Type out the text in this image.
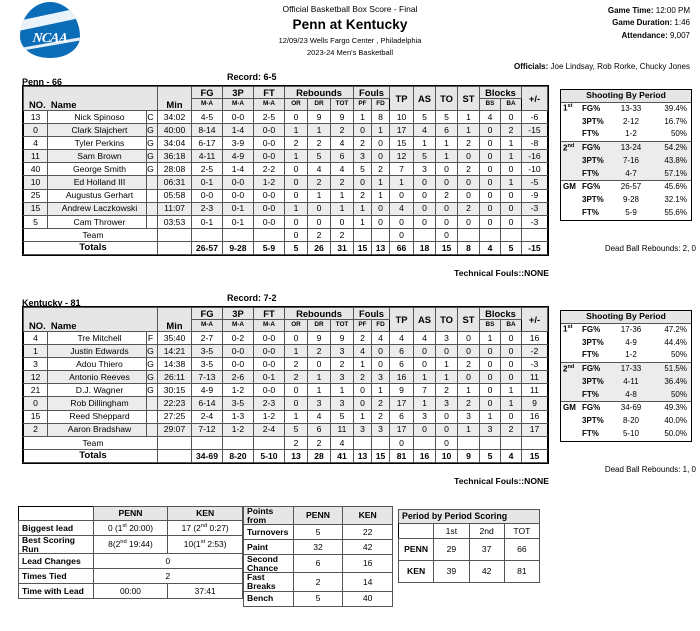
NCAA
Official Basketball Box Score - Final
Penn at Kentucky
12/09/23 Wells Fargo Center , Philadelphia
2023-24 Men's Basketball
Game Time: 12:00 PM
Game Duration: 1:46
Attendance: 9,007
Officials: Joe Lindsay, Rob Rorke, Chucky Jones
Penn - 66	Record: 6-5
NO. Name			Min	FG	3P	FT	Rebounds			Fouls		TP	AS	TO	ST	Blocks		+/-
				M-A	M-A	M-A	OR	DR	TOT	PF	FD					BS	BA	
13	Nick Spinoso	C	34:02	4-5	0-0	2-5	0	9	9	1	8	10	5	5	1	4	0	-6
0	Clark Slajchert	G	40:00	8-14	1-4	0-0	1	1	2	0	1	17	4	6	1	0	2	-15
4	Tyler Perkins	G	34:04	6-17	3-9	0-0	2	2	4	2	0	15	1	1	2	0	1	-8
11	Sam Brown	G	36:18	4-11	4-9	0-0	1	5	6	3	0	12	5	1	0	0	1	-16
40	George Smith	G	28:08	2-5	1-4	2-2	0	4	4	5	2	7	3	0	2	0	0	-10
10	Ed Holland III		06:31	0-1	0-0	1-2	0	2	2	0	1	1	0	0	0	0	1	-5
25	Augustus Gerhart		05:58	0-0	0-0	0-0	0	1	1	2	1	0	0	2	0	0	0	-9
15	Andrew Laczkowski		11:07	2-3	0-1	0-0	1	0	1	1	0	4	0	0	2	0	0	-3
5	Cam Thrower		03:53	0-1	0-1	0-0	0	0	0	1	0	0	0	0	0	0	0	-3
Team							0	2	2			0		0				
Totals				26-57	9-28	5-9	5	26	31	15	13	66	18	15	8	4	5	-15
Technical Fouls::NONE
Shooting By Period			
1st	FG%	13-33	39.4%
	3PT%	2-12	16.7%
	FT%	1-2	50%
2nd	FG%	13-24	54.2%
	3PT%	7-16	43.8%
	FT%	4-7	57.1%
GM	FG%	26-57	45.6%
	3PT%	9-28	32.1%
	FT%	5-9	55.6%
Dead Ball Rebounds: 2, 0
Kentucky - 81	Record: 7-2
NO. Name			Min	FG	3P	FT	Rebounds			Fouls		TP	AS	TO	ST	Blocks		+/-
				M-A	M-A	M-A	OR	DR	TOT	PF	FD					BS	BA	
4	Tre Mitchell	F	35:40	2-7	0-2	0-0	0	9	9	2	4	4	4	3	0	1	0	16
1	Justin Edwards	G	14:21	3-5	0-0	0-0	1	2	3	4	0	6	0	0	0	0	0	-2
3	Adou Thiero	G	14:38	3-5	0-0	0-0	2	0	2	1	0	6	0	1	2	0	0	-3
12	Antonio Reeves	G	26:11	7-13	2-6	0-1	2	1	3	2	3	16	1	1	0	0	0	11
21	D.J. Wagner	G	30:15	4-9	1-2	0-0	0	1	1	0	1	9	7	2	1	0	1	11
0	Rob Dillingham		22:23	6-14	3-5	2-3	0	3	3	0	2	17	1	3	2	0	1	9
15	Reed Sheppard		27:25	2-4	1-3	1-2	1	4	5	1	2	6	3	0	3	1	0	16
2	Aaron Bradshaw		29:07	7-12	1-2	2-4	5	6	11	3	3	17	0	0	1	3	2	17
Team							2	2	4			0		0				
Totals				34-69	8-20	5-10	13	28	41	13	15	81	16	10	9	5	4	15
Technical Fouls::NONE
Shooting By Period			
1st	FG%	17-36	47.2%
	3PT%	4-9	44.4%
	FT%	1-2	50%
2nd	FG%	17-33	51.5%
	3PT%	4-11	36.4%
	FT%	4-8	50%
GM	FG%	34-69	49.3%
	3PT%	8-20	40.0%
	FT%	5-10	50.0%
Dead Ball Rebounds: 1, 0
	PENN	KEN
Biggest lead	0 (1st 20:00)	17 (2nd 0:27)
Best Scoring Run	8(2nd 19:44)	10(1st 2:53)
Lead Changes	0	
Times Tied	2	
Time with Lead	00:00	37:41
Points from	PENN	KEN
Turnovers	5	22
Paint	32	42
Second Chance	6	16
Fast Breaks	2	14
Bench	5	40
Period by Period Scoring			
	1st	2nd	TOT
PENN	29	37	66
KEN	39	42	81
